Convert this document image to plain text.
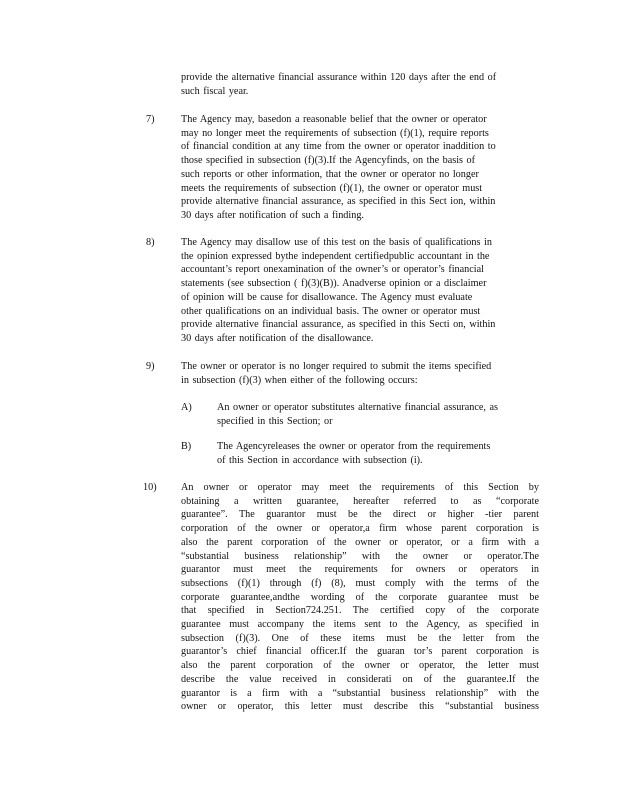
provide the alternative financial assurance within 120 days after the end of
such fiscal year.
7)	The Agency may, basedon a reasonable belief that the owner or operator
may no longer meet the requirements of subsection (f)(1), require reports
of financial condition at any time from the owner or operator inaddition to
those specified in subsection (f)(3).If the Agencyfinds, on the basis of
such reports or other information, that the owner or operator no longer
meets the requirements of subsection (f)(1), the owner or operator must
provide alternative financial assurance, as specified in this Sect ion, within
30 days after notification of such a finding.
8)	The Agency may disallow use of this test on the basis of qualifications in
the opinion expressed bythe independent certifiedpublic accountant in the
accountant’s report onexamination of the owner’s or operator’s financial
statements (see subsection ( f)(3)(B)). Anadverse opinion or a disclaimer
of opinion will be cause for disallowance. The Agency must evaluate
other qualifications on an individual basis. The owner or operator must
provide alternative financial assurance, as specified in this Secti on, within
30 days after notification of the disallowance.
9)	The owner or operator is no longer required to submit the items specified
in subsection (f)(3) when either of the following occurs:
A) An owner or operator substitutes alternative financial assurance, as
specified in this Section; or
B)	The Agencyreleases the owner or operator from the requirements
of this Section in accordance with subsection (i).
10) An owner or operator may meet the requirements of this Section by
obtaining a written guarantee, hereafter referred to as “corporate
guarantee”. The guarantor must be the direct or higher -tier parent
corporation of the owner or operator,a firm whose parent corporation is
also the parent corporation of the owner or operator, or a firm with a
“substantial business relationship” with the owner or operator.The
guarantor must meet the requirements for owners or operators in
subsections (f)(1) through (f) (8), must comply with the terms of the
corporate guarantee,andthe wording of the corporate guarantee must be
that specified in Section724.251. The certified copy of the corporate
guarantee must accompany the items sent to the Agency, as specified in
subsection (f)(3). One of these items must be the letter from the
guarantor’s chief financial officer.If the guaran tor’s parent corporation is
also the parent corporation of the owner or operator, the letter must
describe the value received in considerati on of the guarantee.If the
guarantor is a firm with a “substantial business relationship” with the
owner or operator, this letter must describe this “substantial business
